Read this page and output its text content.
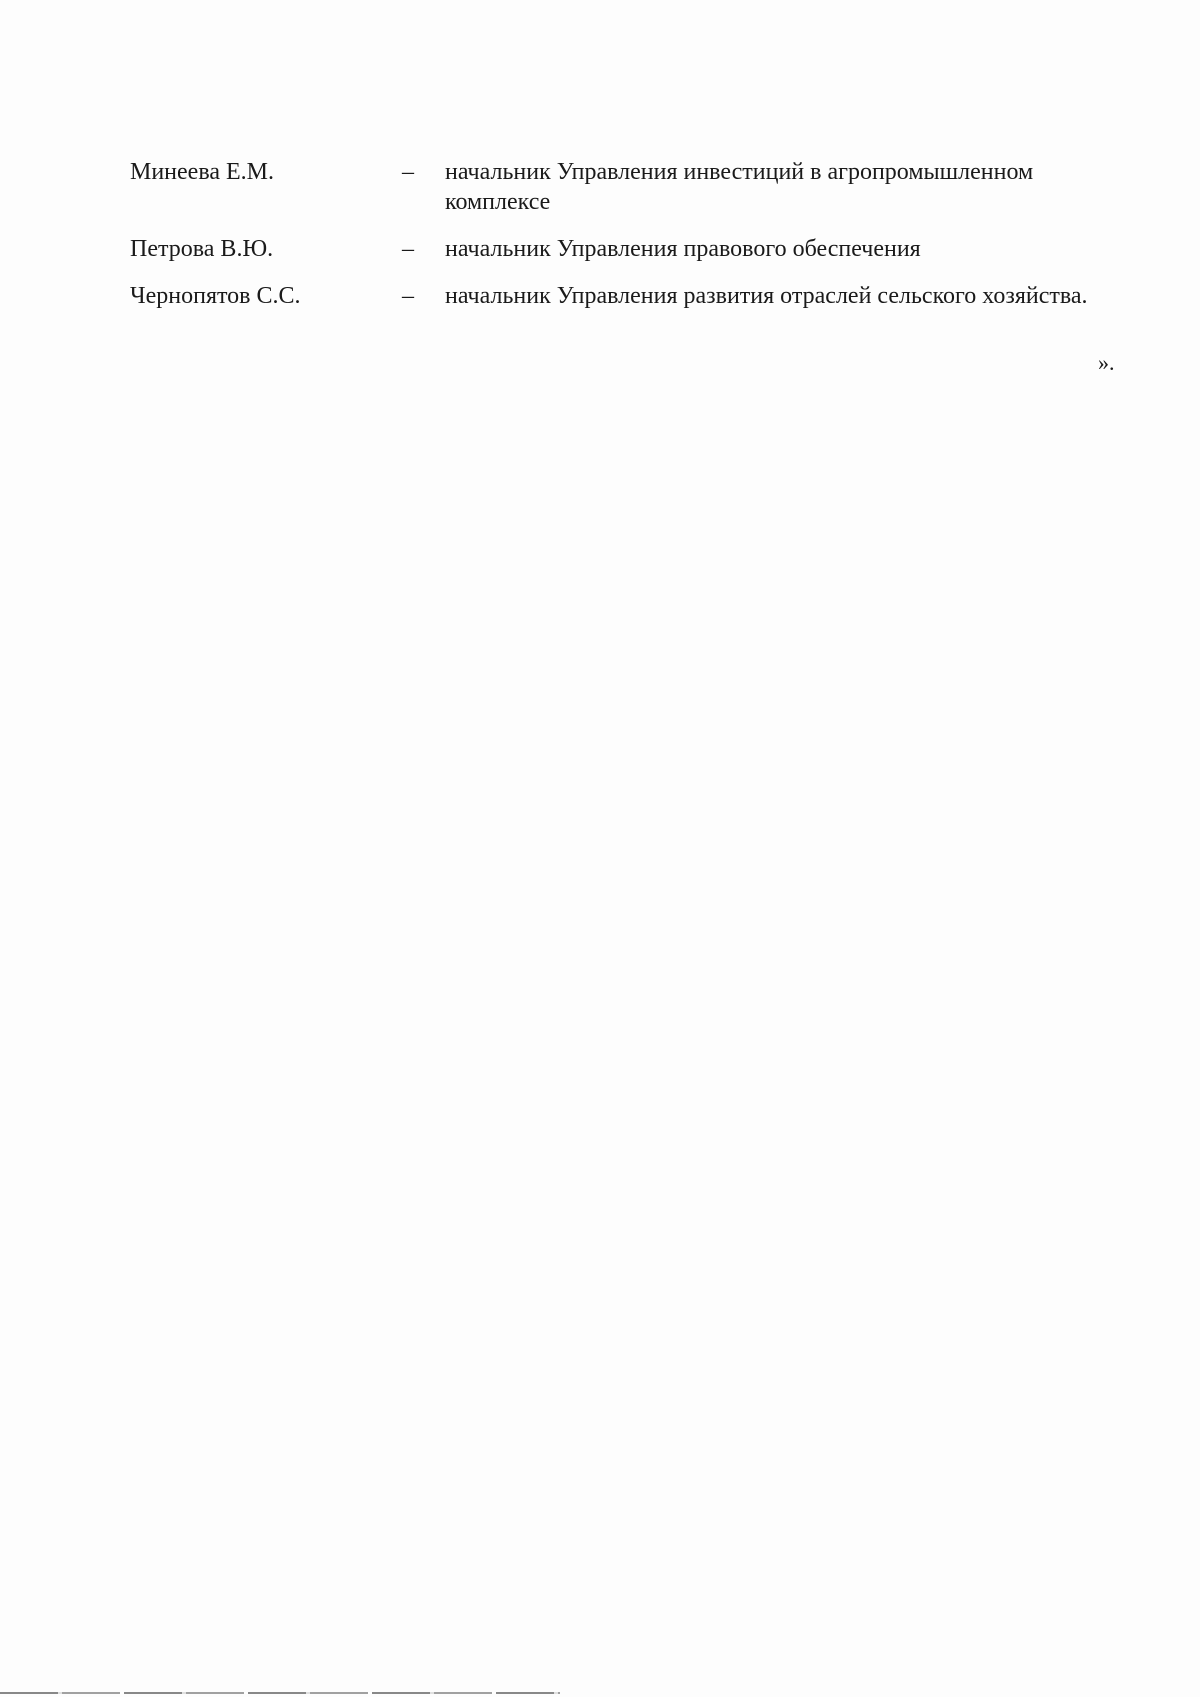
Минеева Е.М.	–	начальник Управления инвестиций в агропромышленном комплексе
Петрова В.Ю.	–	начальник Управления правового обеспечения
Чернопятов С.С.	–	начальник Управления развития отраслей сельского хозяйства.
».
